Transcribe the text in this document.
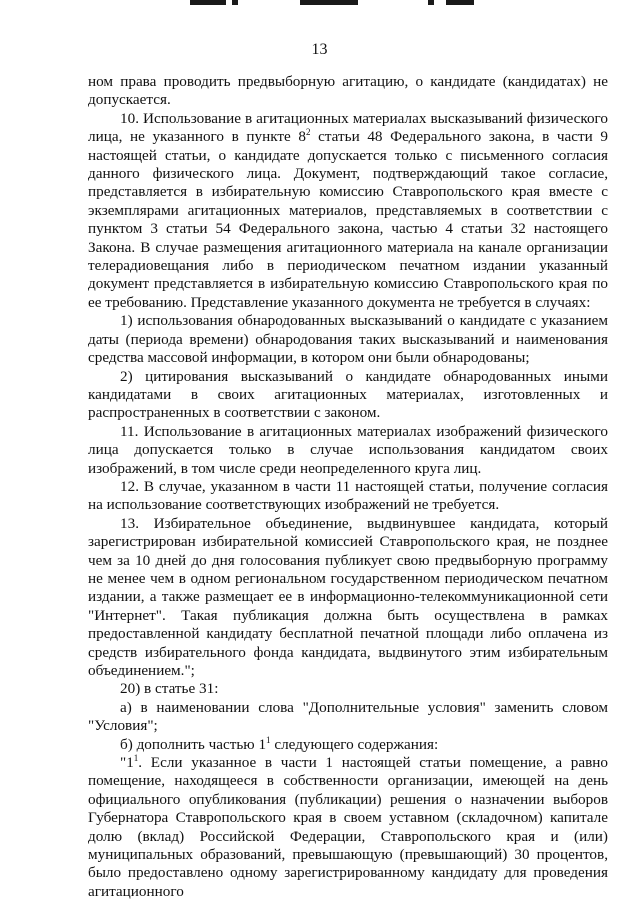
13

ном права проводить предвыборную агитацию, о кандидате (кандидатах) не допускается.

10. Использование в агитационных материалах высказываний физического лица, не указанного в пункте $8^2$ статьи 48 Федерального закона, в части 9 настоящей статьи, о кандидате допускается только с письменного согласия данного физического лица. Документ, подтверждающий такое согласие, представляется в избирательную комиссию Ставропольского края вместе с экземплярами агитационных материалов, представляемых в соответствии с пунктом 3 статьи 54 Федерального закона, частью 4 статьи 32 настоящего Закона. В случае размещения агитационного материала на канале организации телерадиовещания либо в периодическом печатном издании указанный документ представляется в избирательную комиссию Ставропольского края по ее требованию. Представление указанного документа не требуется в случаях:

1) использования обнародованных высказываний о кандидате с указанием даты (периода времени) обнародования таких высказываний и наименования средства массовой информации, в котором они были обнародованы;

2) цитирования высказываний о кандидате обнародованных иными кандидатами в своих агитационных материалах, изготовленных и распространенных в соответствии с законом.

11. Использование в агитационных материалах изображений физического лица допускается только в случае использования кандидатом своих изображений, в том числе среди неопределенного круга лиц.

12. В случае, указанном в части 11 настоящей статьи, получение согласия на использование соответствующих изображений не требуется.

13. Избирательное объединение, выдвинувшее кандидата, который зарегистрирован избирательной комиссией Ставропольского края, не позднее чем за 10 дней до дня голосования публикует свою предвыборную программу не менее чем в одном региональном государственном периодическом печатном издании, а также размещает ее в информационно-телекоммуникационной сети "Интернет". Такая публикация должна быть осуществлена в рамках предоставленной кандидату бесплатной печатной площади либо оплачена из средств избирательного фонда кандидата, выдвинутого этим избирательным объединением.";

20) в статье 31:

а) в наименовании слова "Дополнительные условия" заменить словом "Условия";

б) дополнить частью $1^1$ следующего содержания:

"$1^1$. Если указанное в части 1 настоящей статьи помещение, а равно помещение, находящееся в собственности организации, имеющей на день официального опубликования (публикации) решения о назначении выборов Губернатора Ставропольского края в своем уставном (складочном) капитале долю (вклад) Российской Федерации, Ставропольского края и (или) муниципальных образований, превышающую (превышающий) 30 процентов, было предоставлено одному зарегистрированному кандидату для проведения агитационного
